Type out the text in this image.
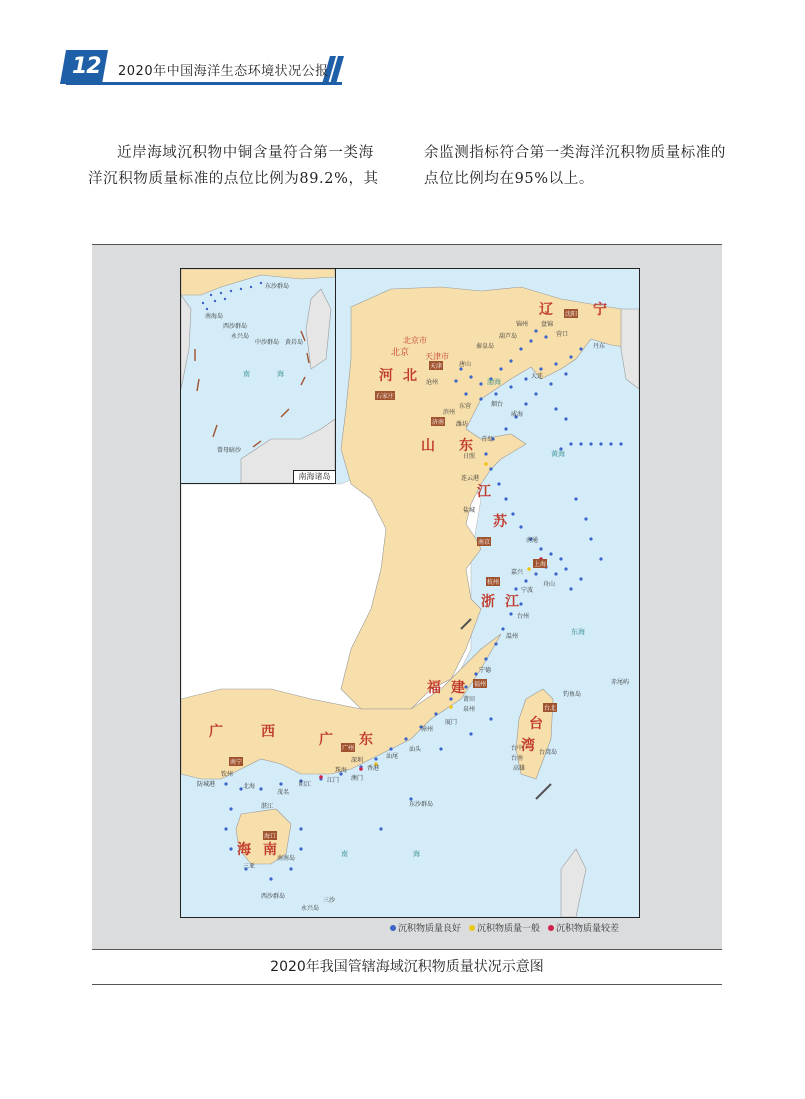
12 2020年中国海洋生态环境状况公报
近岸海域沉积物中铜含量符合第一类海洋沉积物质量标准的点位比例为89.2%，其
余监测指标符合第一类海洋沉积物质量标准的点位比例均在95%以上。
辽	宁
河 北
山 东
江
苏
浙 江
福 建
广 东
广	西
海 南
台
湾
北京市
北京 天津市
沈阳
天津
石家庄
济南
南京
上海
杭州
福州
广州
南宁
海口
台北
葫芦岛
锦州 盘锦
营口
丹东
大连
秦皇岛
唐山
沧州
滨州
东营
潍坊
烟台
威海
青岛
日照
连云港
盐城
南通
嘉兴
舟山
宁波
台州
温州
宁德
莆田
泉州
厦门
漳州
汕头
汕尾
深圳
香港
澳门
珠海
江门
阳江
茂名
湛江
北海
钦州
防城港
三亚
台中
台南
高雄
东沙群岛
西沙群岛
三沙
永兴岛
南南岛
钓鱼岛
赤尾屿
台湾岛
渤海
黄海
东海
南	海
东沙群岛
西沙群岛
中沙群岛
永兴岛
黄岩岛
南海岛
曾母暗沙
南	海
南海诸岛
沉积物质量良好 沉积物质量一般 沉积物质量较差
2020年我国管辖海域沉积物质量状况示意图
